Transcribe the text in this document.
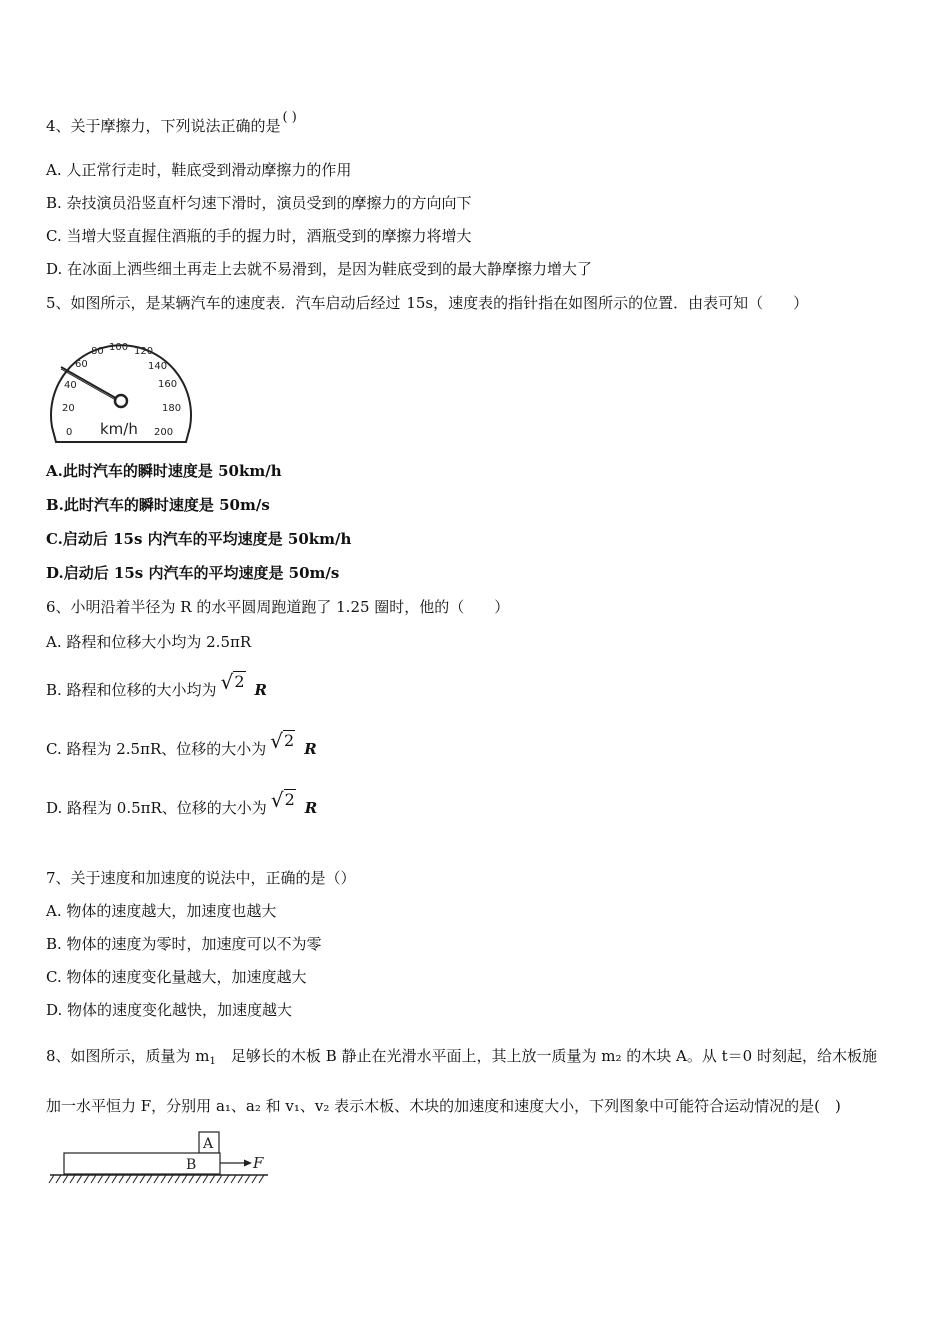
4、关于摩擦力，下列说法正确的是 ( )
A. 人正常行走时，鞋底受到滑动摩擦力的作用
B. 杂技演员沿竖直杆匀速下滑时，演员受到的摩擦力的方向向下
C. 当增大竖直握住酒瓶的手的握力时，酒瓶受到的摩擦力将增大
D. 在冰面上洒些细土再走上去就不易滑到，是因为鞋底受到的最大静摩擦力增大了
5、如图所示，是某辆汽车的速度表．汽车启动后经过 15s，速度表的指针指在如图所示的位置．由表可知（　　）
0
20
40
60
80 100 120
140
160
180
200
km/h
A.此时汽车的瞬时速度是 50km/h
B.此时汽车的瞬时速度是 50m/s
C.启动后 15s 内汽车的平均速度是 50km/h
D.启动后 15s 内汽车的平均速度是 50m/s
6、小明沿着半径为 R 的水平圆周跑道跑了 1.25 圈时，他的（　　）
A. 路程和位移大小均为 2.5πR
B. 路程和位移的大小均为 √2 R
C. 路程为 2.5πR、位移的大小为 √2 R
D. 路程为 0.5πR、位移的大小为 √2 R
7、关于速度和加速度的说法中，正确的是（）
A. 物体的速度越大，加速度也越大
B. 物体的速度为零时，加速度可以不为零
C. 物体的速度变化量越大，加速度越大
D. 物体的速度变化越快，加速度越大
8、如图所示，质量为 $m_1$　足够长的木板 B 静止在光滑水平面上，其上放一质量为 m₂ 的木块 A。从 t＝0 时刻起，给木板施
加一水平恒力 F，分别用 a₁、a₂ 和 v₁、v₂ 表示木板、木块的加速度和速度大小，下列图象中可能符合运动情况的是(　)
A
B	F
